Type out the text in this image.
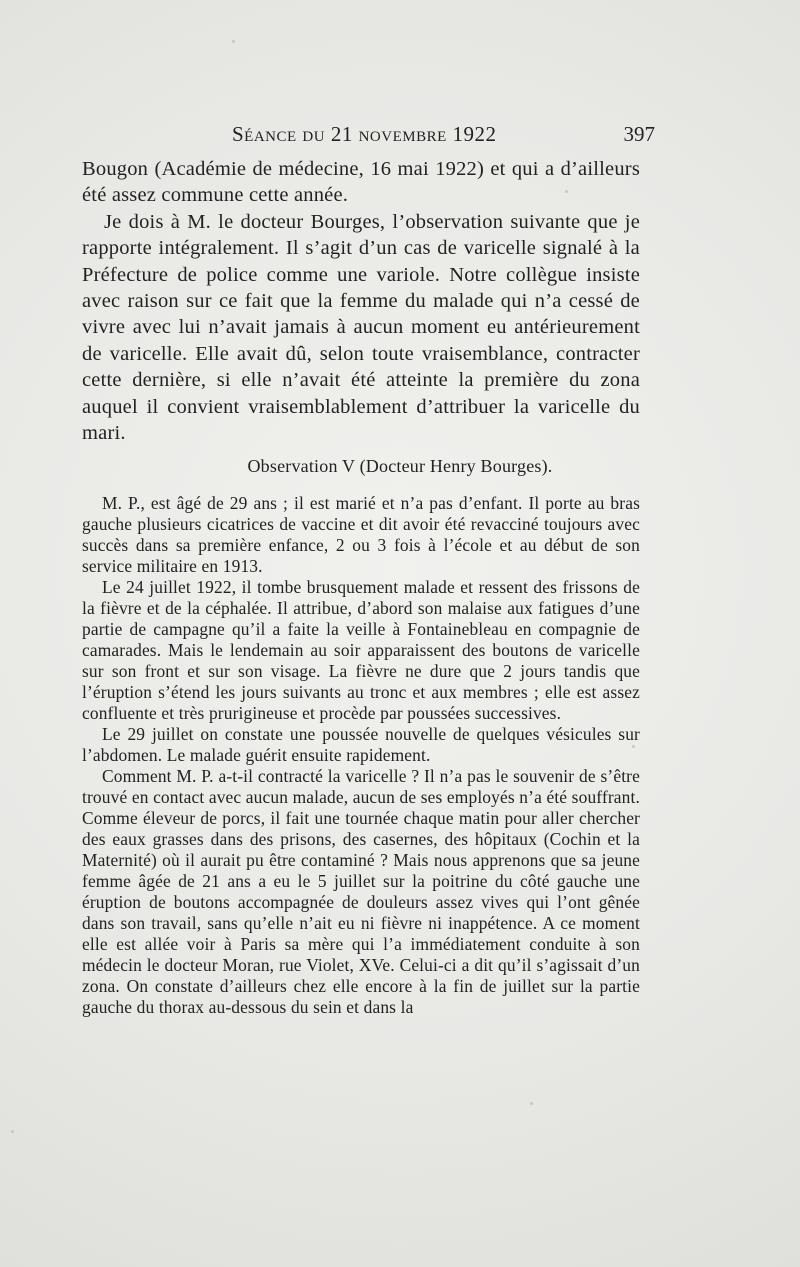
Séance du 21 novembre 1922	397

Bougon (Académie de médecine, 16 mai 1922) et qui a d’ailleurs été assez commune cette année.

Je dois à M. le docteur Bourges, l’observation suivante que je rapporte intégralement. Il s’agit d’un cas de varicelle signalé à la Préfecture de police comme une variole. Notre collègue insiste avec raison sur ce fait que la femme du malade qui n’a cessé de vivre avec lui n’avait jamais à aucun moment eu antérieurement de varicelle. Elle avait dû, selon toute vraisemblance, contracter cette dernière, si elle n’avait été atteinte la première du zona auquel il convient vraisemblablement d’attribuer la varicelle du mari.

Observation V (Docteur Henry Bourges).

M. P., est âgé de 29 ans ; il est marié et n’a pas d’enfant. Il porte au bras gauche plusieurs cicatrices de vaccine et dit avoir été revacciné toujours avec succès dans sa première enfance, 2 ou 3 fois à l’école et au début de son service militaire en 1913.

Le 24 juillet 1922, il tombe brusquement malade et ressent des frissons de la fièvre et de la céphalée. Il attribue, d’abord son malaise aux fatigues d’une partie de campagne qu’il a faite la veille à Fontainebleau en compagnie de camarades. Mais le lendemain au soir apparaissent des boutons de varicelle sur son front et sur son visage. La fièvre ne dure que 2 jours tandis que l’éruption s’étend les jours suivants au tronc et aux membres ; elle est assez confluente et très prurigineuse et procède par poussées successives.

Le 29 juillet on constate une poussée nouvelle de quelques vésicules sur l’abdomen. Le malade guérit ensuite rapidement.

Comment M. P. a-t-il contracté la varicelle ? Il n’a pas le souvenir de s’être trouvé en contact avec aucun malade, aucun de ses employés n’a été souffrant. Comme éleveur de porcs, il fait une tournée chaque matin pour aller chercher des eaux grasses dans des prisons, des casernes, des hôpitaux (Cochin et la Maternité) où il aurait pu être contaminé ? Mais nous apprenons que sa jeune femme âgée de 21 ans a eu le 5 juillet sur la poitrine du côté gauche une éruption de boutons accompagnée de douleurs assez vives qui l’ont gênée dans son travail, sans qu’elle n’ait eu ni fièvre ni inappétence. A ce moment elle est allée voir à Paris sa mère qui l’a immédiatement conduite à son médecin le docteur Moran, rue Violet, XVe. Celui-ci a dit qu’il s’agissait d’un zona. On constate d’ailleurs chez elle encore à la fin de juillet sur la partie gauche du thorax au-dessous du sein et dans la
